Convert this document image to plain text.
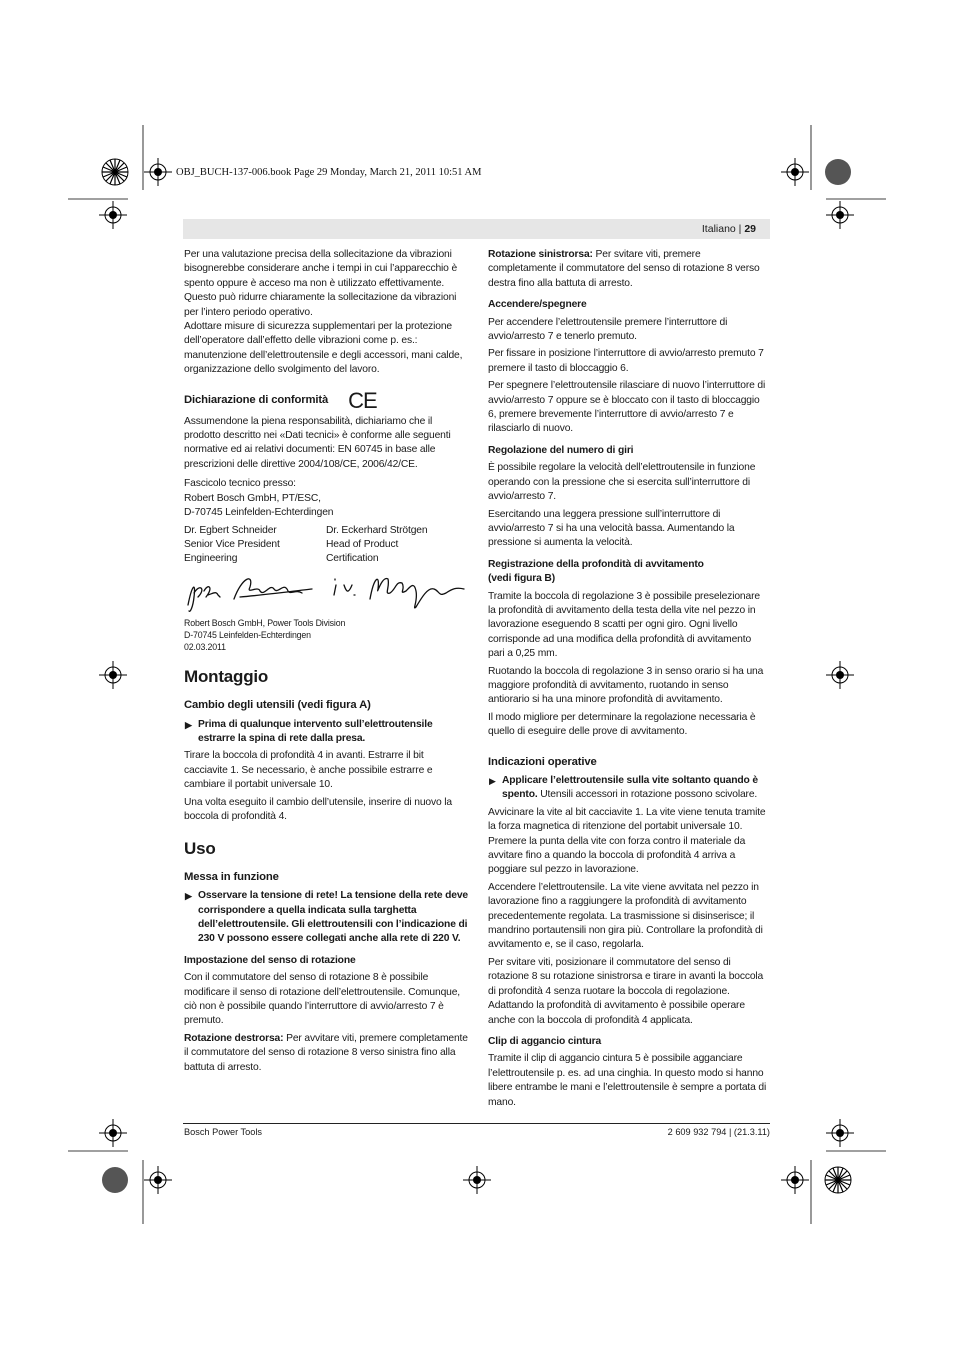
OBJ_BUCH-137-006.book Page 29 Monday, March 21, 2011 10:51 AM
Italiano | 29

Per una valutazione precisa della sollecitazione da vibrazioni bisognerebbe considerare anche i tempi in cui l’apparecchio è spento oppure è acceso ma non è utilizzato effettivamente. Questo può ridurre chiaramente la sollecitazione da vibrazioni per l’intero periodo operativo.

Adottare misure di sicurezza supplementari per la protezione dell’operatore dall’effetto delle vibrazioni come p. es.: manutenzione dell’elettroutensile e degli accessori, mani calde, organizzazione dello svolgimento del lavoro.

Dichiarazione di conformità CE

Assumendone la piena responsabilità, dichiariamo che il prodotto descritto nei «Dati tecnici» è conforme alle seguenti normative ed ai relativi documenti: EN 60745 in base alle prescrizioni delle direttive 2004/108/CE, 2006/42/CE.

Fascicolo tecnico presso:
Robert Bosch GmbH, PT/ESC,
D-70745 Leinfelden-Echterdingen
Dr. Egbert Schneider
Senior Vice President
Engineering
Dr. Eckerhard Strötgen
Head of Product
Certification
Robert Bosch GmbH, Power Tools Division
D-70745 Leinfelden-Echterdingen
02.03.2011
Montaggio
Cambio degli utensili (vedi figura A)
▶ Prima di qualunque intervento sull’elettroutensile estrarre la spina di rete dalla presa.

Tirare la boccola di profondità 4 in avanti. Estrarre il bit cacciavite 1. Se necessario, è anche possibile estrarre e cambiare il portabit universale 10.

Una volta eseguito il cambio dell’utensile, inserire di nuovo la boccola di profondità 4.

Uso
Messa in funzione
▶ Osservare la tensione di rete! La tensione della rete deve corrispondere a quella indicata sulla targhetta dell’elettroutensile. Gli elettroutensili con l’indicazione di 230 V possono essere collegati anche alla rete di 220 V.
Impostazione del senso di rotazione

Con il commutatore del senso di rotazione 8 è possibile modificare il senso di rotazione dell’elettroutensile. Comunque, ciò non è possibile quando l’interruttore di avvio/arresto 7 è premuto.

Rotazione destrorsa: Per avvitare viti, premere completamente il commutatore del senso di rotazione 8 verso sinistra fino alla battuta di arresto.

Rotazione sinistrorsa: Per svitare viti, premere completamente il commutatore del senso di rotazione 8 verso destra fino alla battuta di arresto.

Accendere/spegnere

Per accendere l’elettroutensile premere l’interruttore di avvio/arresto 7 e tenerlo premuto.

Per fissare in posizione l’interruttore di avvio/arresto premuto 7 premere il tasto di bloccaggio 6.

Per spegnere l’elettroutensile rilasciare di nuovo l’interruttore di avvio/arresto 7 oppure se è bloccato con il tasto di bloccaggio 6, premere brevemente l’interruttore di avvio/arresto 7 e rilasciarlo di nuovo.

Regolazione del numero di giri

È possibile regolare la velocità dell’elettroutensile in funzione operando con la pressione che si esercita sull’interruttore di avvio/arresto 7.

Esercitando una leggera pressione sull’interruttore di avvio/arresto 7 si ha una velocità bassa. Aumentando la pressione si aumenta la velocità.

Registrazione della profondità di avvitamento
(vedi figura B)

Tramite la boccola di regolazione 3 è possibile preselezionare la profondità di avvitamento della testa della vite nel pezzo in lavorazione eseguendo 8 scatti per ogni giro. Ogni livello corrisponde ad una modifica della profondità di avvitamento pari a 0,25 mm.

Ruotando la boccola di regolazione 3 in senso orario si ha una maggiore profondità di avvitamento, ruotando in senso antiorario si ha una minore profondità di avvitamento.

Il modo migliore per determinare la regolazione necessaria è quello di eseguire delle prove di avvitamento.

Indicazioni operative
▶ Applicare l’elettroutensile sulla vite soltanto quando è spento. Utensili accessori in rotazione possono scivolare.

Avvicinare la vite al bit cacciavite 1. La vite viene tenuta tramite la forza magnetica di ritenzione del portabit universale 10. Premere la punta della vite con forza contro il materiale da avvitare fino a quando la boccola di profondità 4 arriva a poggiare sul pezzo in lavorazione.

Accendere l’elettroutensile. La vite viene avvitata nel pezzo in lavorazione fino a raggiungere la profondità di avvitamento precedentemente regolata. La trasmissione si disinserisce; il mandrino portautensili non gira più. Controllare la profondità di avvitamento e, se il caso, regolarla.

Per svitare viti, posizionare il commutatore del senso di rotazione 8 su rotazione sinistrorsa e tirare in avanti la boccola di profondità 4 senza ruotare la boccola di regolazione. Adattando la profondità di avvitamento è possibile operare anche con la boccola di profondità 4 applicata.

Clip di aggancio cintura

Tramite il clip di aggancio cintura 5 è possibile agganciare l’elettroutensile p. es. ad una cinghia. In questo modo si hanno libere entrambe le mani e l’elettroutensile è sempre a portata di mano.

Bosch Power Tools	2 609 932 794 | (21.3.11)
